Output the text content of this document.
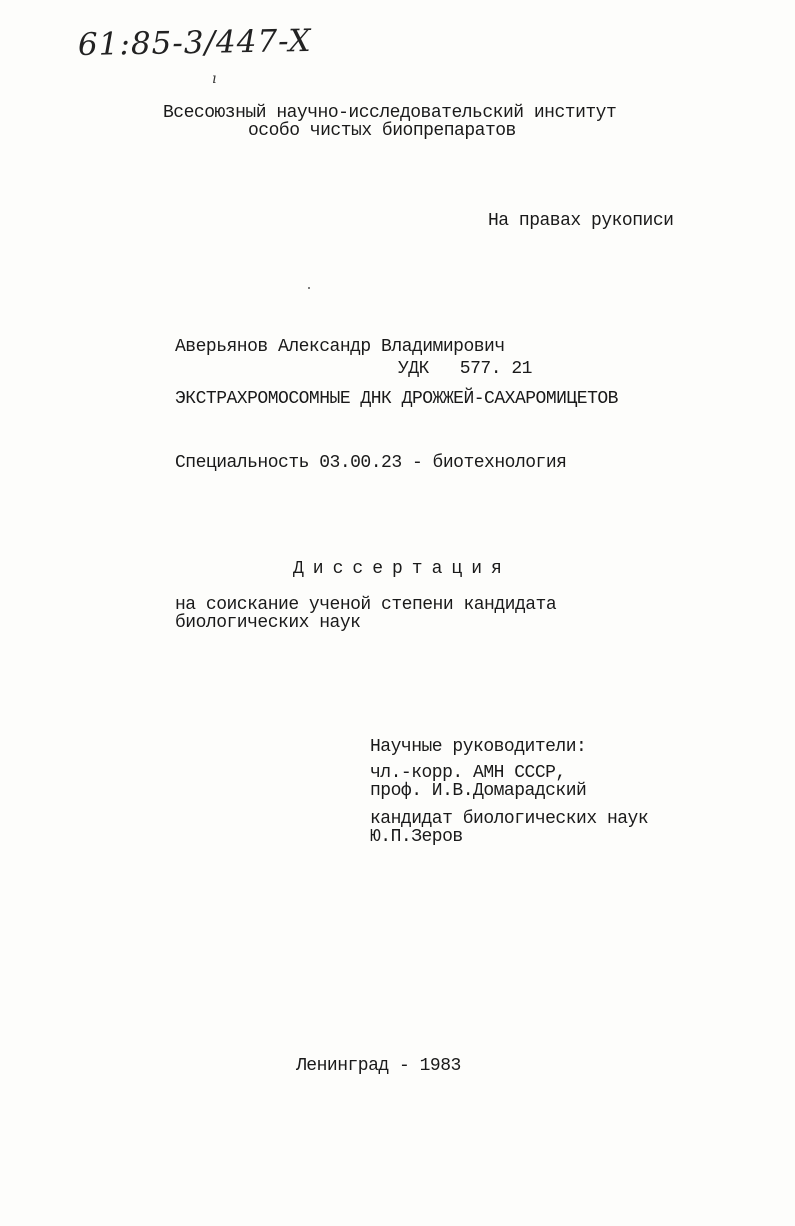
61:85-3/447-X
ı
Всесоюзный научно-исследовательский институт
особо чистых биопрепаратов
На правах рукописи
Аверьянов Александр Владимирович
УДК   577. 21
ЭКСТРАХРОМОСОМНЫЕ ДНК ДРОЖЖЕЙ-САХАРОМИЦЕТОВ
Специальность 03.00.23 - биотехнология
Диссертация
на соискание ученой степени кандидата
биологических наук
Научные руководители:
чл.-корр. АМН СССР,
проф. И.В.Домарадский
кандидат биологических наук
Ю.П.Зеров
Ленинград - 1983
